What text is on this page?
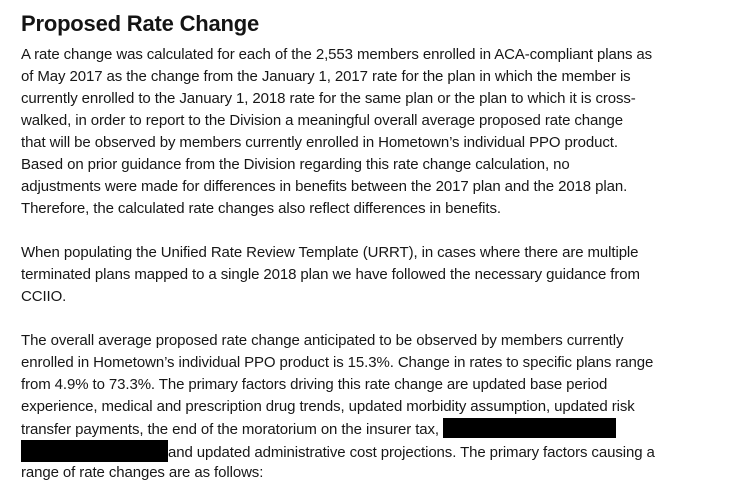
Proposed Rate Change
A rate change was calculated for each of the 2,553 members enrolled in ACA-compliant plans as
of May 2017 as the change from the January 1, 2017 rate for the plan in which the member is
currently enrolled to the January 1, 2018 rate for the same plan or the plan to which it is cross-
walked, in order to report to the Division a meaningful overall average proposed rate change
that will be observed by members currently enrolled in Hometown’s individual PPO product.
Based on prior guidance from the Division regarding this rate change calculation, no
adjustments were made for differences in benefits between the 2017 plan and the 2018 plan.
Therefore, the calculated rate changes also reflect differences in benefits.
When populating the Unified Rate Review Template (URRT), in cases where there are multiple
terminated plans mapped to a single 2018 plan we have followed the necessary guidance from
CCIIO.
The overall average proposed rate change anticipated to be observed by members currently
enrolled in Hometown’s individual PPO product is 15.3%. Change in rates to specific plans range
from 4.9% to 73.3%. The primary factors driving this rate change are updated base period
experience, medical and prescription drug trends, updated morbidity assumption, updated risk
transfer payments, the end of the moratorium on the insurer tax,
and updated administrative cost projections. The primary factors causing a
range of rate changes are as follows:
